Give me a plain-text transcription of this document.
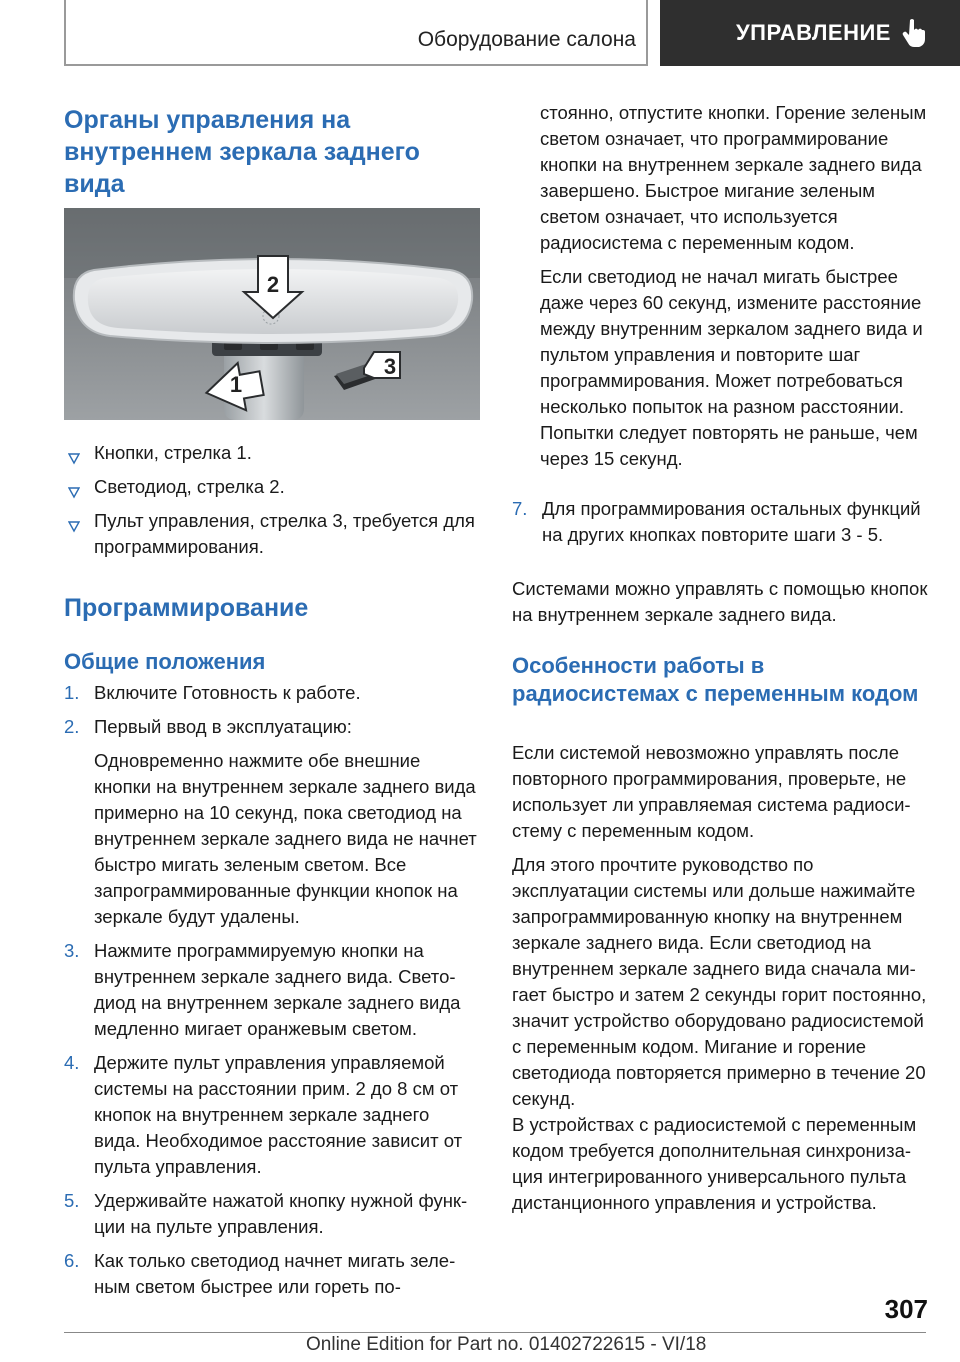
Оборудование салона	УПРАВЛЕНИЕ
Органы управления на внутреннем зеркала заднего вида
2
1
3
Кнопки, стрелка 1.
Светодиод, стрелка 2.
Пульт управления, стрелка 3, требуется для программирования.
Программирование
Общие положения
1. Включите Готовность к работе.

2. Первый ввод в эксплуатацию:

Одновременно нажмите обе внешние кнопки на внутреннем зеркале заднего вида примерно на 10 секунд, пока светодиод на внутреннем зеркале заднего вида не начнет быстро мигать зеленым светом. Все запрограммированные функции кнопок на зеркале будут удалены.

3. Нажмите программируемую кнопки на внутреннем зеркале заднего вида. Светодиод на внутреннем зеркале заднего вида медленно мигает оранжевым светом.

4. Держите пульт управления управляемой системы на расстоянии прим. 2 до 8 см от кнопок на внутреннем зеркале заднего вида. Необходимое расстояние зависит от пульта управления.

5. Удерживайте нажатой кнопку нужной функции на пульте управления.

6. Как только светодиод начнет мигать зеленым светом быстрее или гореть по-

стоянно, отпустите кнопки. Горение зеленым светом означает, что программирование кнопки на внутреннем зеркале заднего вида завершено. Быстрое мигание зеленым светом означает, что используется радиосистема с переменным кодом.

Если светодиод не начал мигать быстрее даже через 60 секунд, измените расстояние между внутренним зеркалом заднего вида и пультом управления и повторите шаг программирования. Может потребоваться несколько попыток на разном расстоянии. Попытки следует повторять не раньше, чем через 15 секунд.

7. Для программирования остальных функций на других кнопках повторите шаги 3 - 5.

Системами можно управлять с помощью кнопок на внутреннем зеркале заднего вида.

Особенности работы в радиосистемах с переменным кодом

Если системой невозможно управлять после повторного программирования, проверьте, не использует ли управляемая система радиосистему с переменным кодом.

Для этого прочтите руководство по эксплуатации системы или дольше нажимайте запрограммированную кнопку на внутреннем зеркале заднего вида. Если светодиод на внутреннем зеркале заднего вида сначала мигает быстро и затем 2 секунды горит постоянно, значит устройство оборудовано радиосистемой с переменным кодом. Мигание и горение светодиода повторяется примерно в течение 20 секунд.

В устройствах с радиосистемой с переменным кодом требуется дополнительная синхронизация интегрированного универсального пульта дистанционного управления и устройства.

307
Online Edition for Part no. 01402722615 - VI/18
